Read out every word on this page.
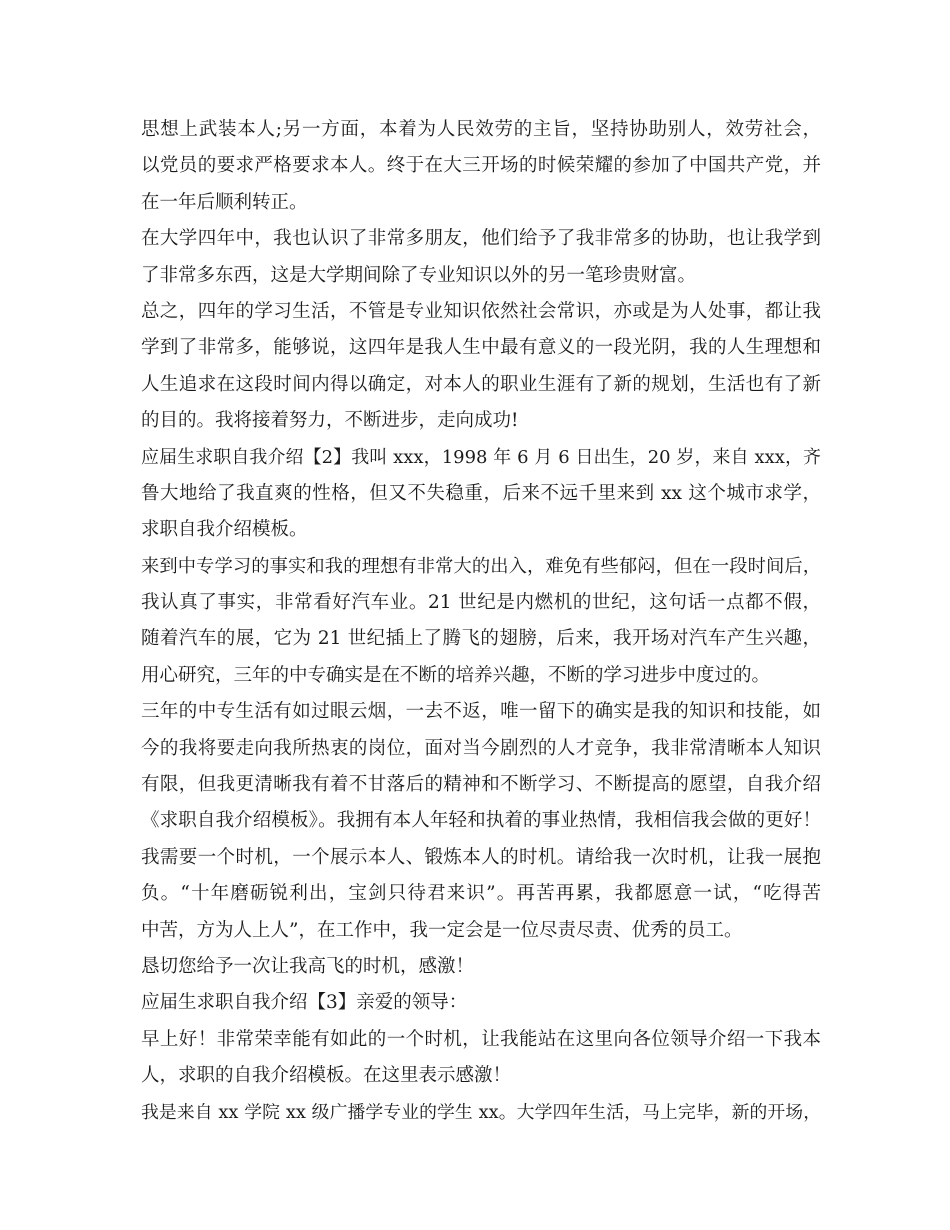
思想上武装本人;另一方面，本着为人民效劳的主旨，坚持协助别人，效劳社会，
以党员的要求严格要求本人。终于在大三开场的时候荣耀的参加了中国共产党，并
在一年后顺利转正。
在大学四年中，我也认识了非常多朋友，他们给予了我非常多的协助，也让我学到
了非常多东西，这是大学期间除了专业知识以外的另一笔珍贵财富。
总之，四年的学习生活，不管是专业知识依然社会常识，亦或是为人处事，都让我
学到了非常多，能够说，这四年是我人生中最有意义的一段光阴，我的人生理想和
人生追求在这段时间内得以确定，对本人的职业生涯有了新的规划，生活也有了新
的目的。我将接着努力，不断进步，走向成功!
应届生求职自我介绍【2】我叫 xxx，1998 年 6 月 6 日出生，20 岁，来自 xxx，齐
鲁大地给了我直爽的性格，但又不失稳重，后来不远千里来到 xx 这个城市求学，
求职自我介绍模板。
来到中专学习的事实和我的理想有非常大的出入，难免有些郁闷，但在一段时间后，
我认真了事实，非常看好汽车业。21 世纪是内燃机的世纪，这句话一点都不假，
随着汽车的展，它为 21 世纪插上了腾飞的翅膀，后来，我开场对汽车产生兴趣，
用心研究，三年的中专确实是在不断的培养兴趣，不断的学习进步中度过的。
三年的中专生活有如过眼云烟，一去不返，唯一留下的确实是我的知识和技能，如
今的我将要走向我所热衷的岗位，面对当今剧烈的人才竞争，我非常清晰本人知识
有限，但我更清晰我有着不甘落后的精神和不断学习、不断提高的愿望，自我介绍
《求职自我介绍模板》。我拥有本人年轻和执着的事业热情，我相信我会做的更好！
我需要一个时机，一个展示本人、锻炼本人的时机。请给我一次时机，让我一展抱
负。“十年磨砺锐利出，宝剑只待君来识”。再苦再累，我都愿意一试，“吃得苦
中苦，方为人上人”，在工作中，我一定会是一位尽责尽责、优秀的员工。
恳切您给予一次让我高飞的时机，感激！
应届生求职自我介绍【3】亲爱的领导：
早上好！非常荣幸能有如此的一个时机，让我能站在这里向各位领导介绍一下我本
人，求职的自我介绍模板。在这里表示感激！
我是来自 xx 学院 xx 级广播学专业的学生 xx。大学四年生活，马上完毕，新的开场，
